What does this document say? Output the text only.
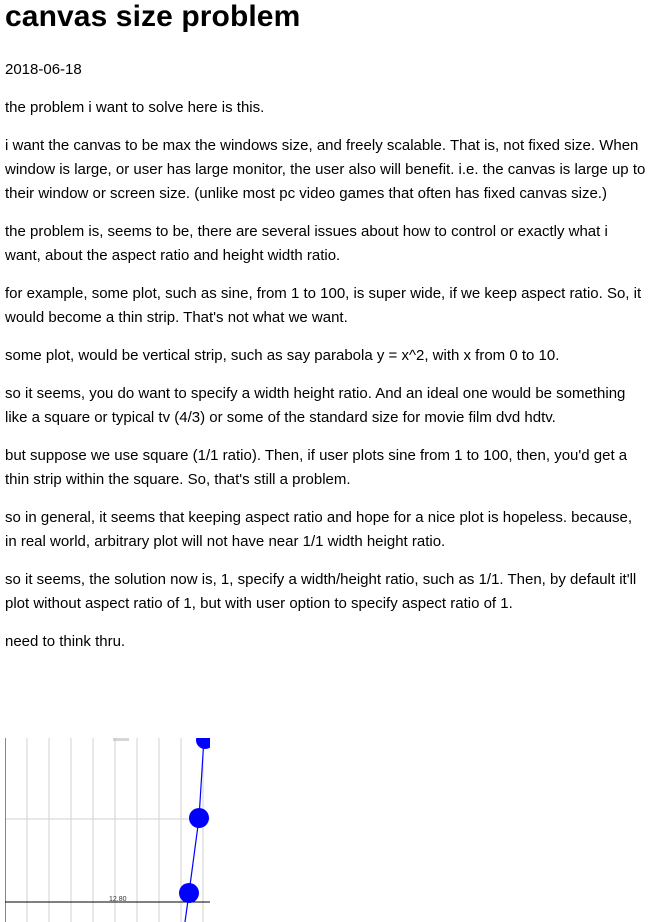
canvas size problem
2018-06-18

the problem i want to solve here is this.

i want the canvas to be max the windows size, and freely scalable. That is, not fixed size. When window is large, or user has large monitor, the user also will benefit. i.e. the canvas is large up to their window or screen size. (unlike most pc video games that often has fixed canvas size.)

the problem is, seems to be, there are several issues about how to control or exactly what i want, about the aspect ratio and height width ratio.

for example, some plot, such as sine, from 1 to 100, is super wide, if we keep aspect ratio. So, it would become a thin strip. That's not what we want.

some plot, would be vertical strip, such as say parabola y = x^2, with x from 0 to 10.

so it seems, you do want to specify a width height ratio. And an ideal one would be something like a square or typical tv (4/3) or some of the standard size for movie film dvd hdtv.

but suppose we use square (1/1 ratio). Then, if user plots sine from 1 to 100, then, you'd get a thin strip within the square. So, that's still a problem.

so in general, it seems that keeping aspect ratio and hope for a nice plot is hopeless. because, in real world, arbitrary plot will not have near 1/1 width height ratio.

so it seems, the solution now is, 1, specify a width/height ratio, such as 1/1. Then, by default it'll plot without aspect ratio of 1, but with user option to specify aspect ratio of 1.

need to think thru.

12.80
